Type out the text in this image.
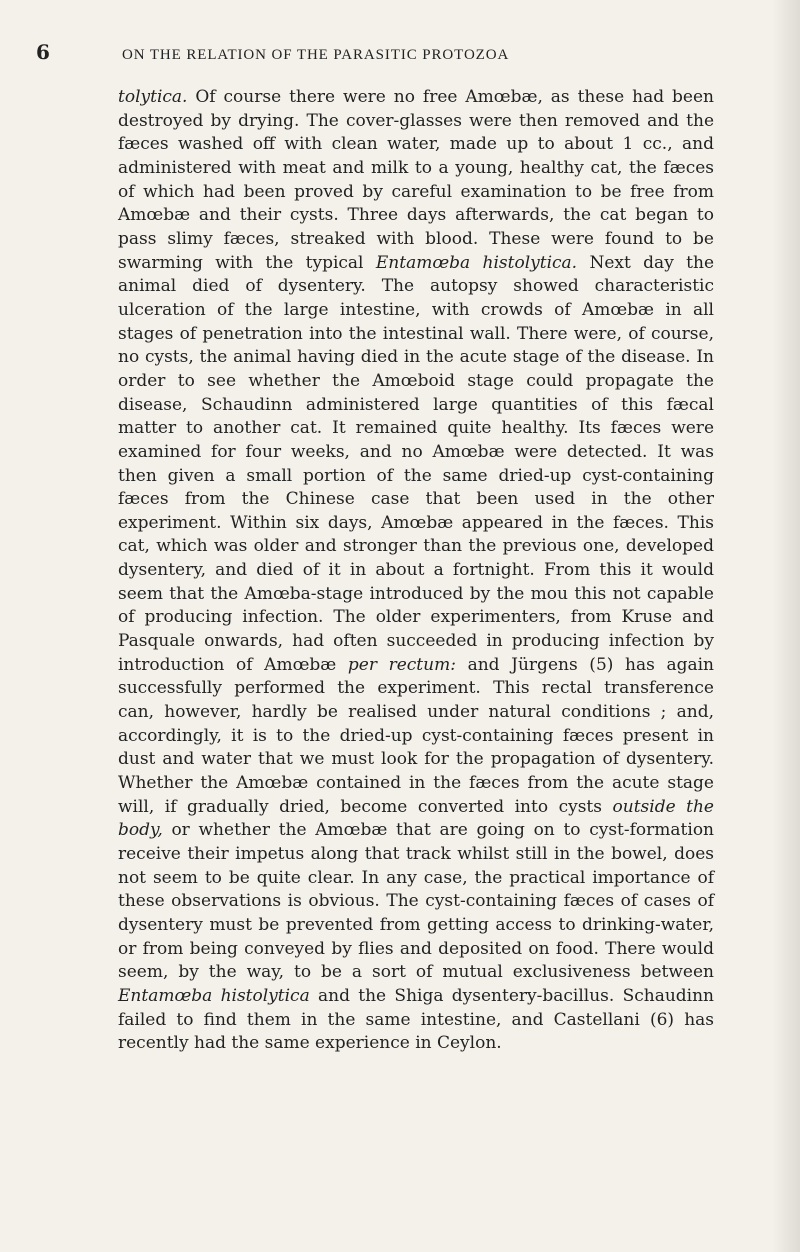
6	ON THE RELATION OF THE PARASITIC PROTOZOA

tolytica. Of course there were no free Amœbæ, as these had been destroyed by drying. The cover-glasses were then removed and the fæces washed off with clean water, made up to about 1 cc., and administered with meat and milk to a young, healthy cat, the fæces of which had been proved by careful examination to be free from Amœbæ and their cysts. Three days afterwards, the cat began to pass slimy fæces, streaked with blood. These were found to be swarming with the typical Entamœba histolytica. Next day the animal died of dysentery. The autopsy showed characteristic ulceration of the large intestine, with crowds of Amœbæ in all stages of penetration into the intestinal wall. There were, of course, no cysts, the animal having died in the acute stage of the disease. In order to see whether the Amœboid stage could propagate the disease, Schaudinn administered large quantities of this fæcal matter to another cat. It remained quite healthy. Its fæces were examined for four weeks, and no Amœbæ were detected. It was then given a small portion of the same dried-up cyst-containing fæces from the Chinese case that been used in the other experiment. Within six days, Amœbæ appeared in the fæces. This cat, which was older and stronger than the previous one, developed dysentery, and died of it in about a fortnight. From this it would seem that the Amœba-stage introduced by the mou this not capable of producing infection. The older experimenters, from Kruse and Pasquale onwards, had often succeeded in producing infection by introduction of Amœbæ per rectum: and Jürgens (5) has again successfully performed the experiment. This rectal transference can, however, hardly be realised under natural conditions ; and, accordingly, it is to the dried-up cyst-containing fæces present in dust and water that we must look for the propagation of dysentery. Whether the Amœbæ contained in the fæces from the acute stage will, if gradually dried, become converted into cysts outside the body, or whether the Amœbæ that are going on to cyst-formation receive their impetus along that track whilst still in the bowel, does not seem to be quite clear. In any case, the practical importance of these observations is obvious. The cyst-containing fæces of cases of dysentery must be prevented from getting access to drinking-water, or from being conveyed by flies and deposited on food. There would seem, by the way, to be a sort of mutual exclusiveness between Entamœba histolytica and the Shiga dysentery-bacillus. Schaudinn failed to find them in the same intestine, and Castellani (6) has recently had the same experience in Ceylon.
